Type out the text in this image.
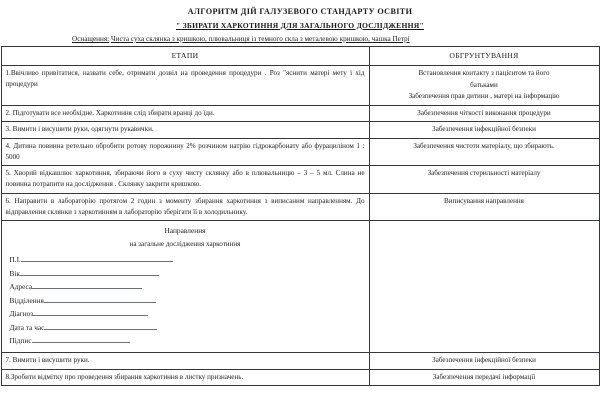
АЛГОРИТМ ДІЙ ГАЛУЗЕВОГО СТАНДАРТУ ОСВІТИ
" ЗБИРАТИ ХАРКОТИННЯ ДЛЯ ЗАГАЛЬНОГО ДОСЛІДЖЕННЯ"
Оснащення: Чиста суха склянка з кришкою, плювальниця із темного скла з металевою кришкою, чашка Петрі
ЕТАПИ	ОБГРУНТУВАННЯ
1.Ввічливо привітатися, назвати себе, отримати дозвіл на проведення процедури . Роз "яснити матері мету і хід процедури	Встановлення контакту з пацієнтом та його
батьками
Забезпечення прав дитини , матері на інформацію

2. Підготувати все необхідне. Харкотиння слід збирати вранці до їди.	Забезпечення чіткості виконання процедури

3. Вимити і висушити руки, одягнути рукавички.	Забезпечення інфекційної безпеки

4. Дитина повинна ретельно обробити ротову порожнину 2% розчином натрію гідрокарбонату або фурациліном 1 : 5000	Забезпечення чистоти матеріалу, що збирають.

5. Хворий відкашлює харкотиння, збираючи його в суху чисту склянку або в плювальницю – 3 – 5 мл. Слина не повинна потрапити на дослідження . Склянку закрити кришкою.	Забезпечення стерильності матеріалу

6. Направити в лабораторію протягом 2 годин з моменту збирання харкотиння з виписаним направленням. До відправлення склянки з харкотинням в лабораторію зберігати її в холодильнику.	Виписування направлення

Направлення
на загальне дослідження харкотиння
П.І.
Вік
Адреса
Відділення
Діагноз
Дата та час
Підпис

7. Вимити і висушити руки.	Забезпечення інфекційної безпеки

8.Зробити відмітку про проведення збирання харкотиння в листку призначень.	Забезпечення передачі інформації
